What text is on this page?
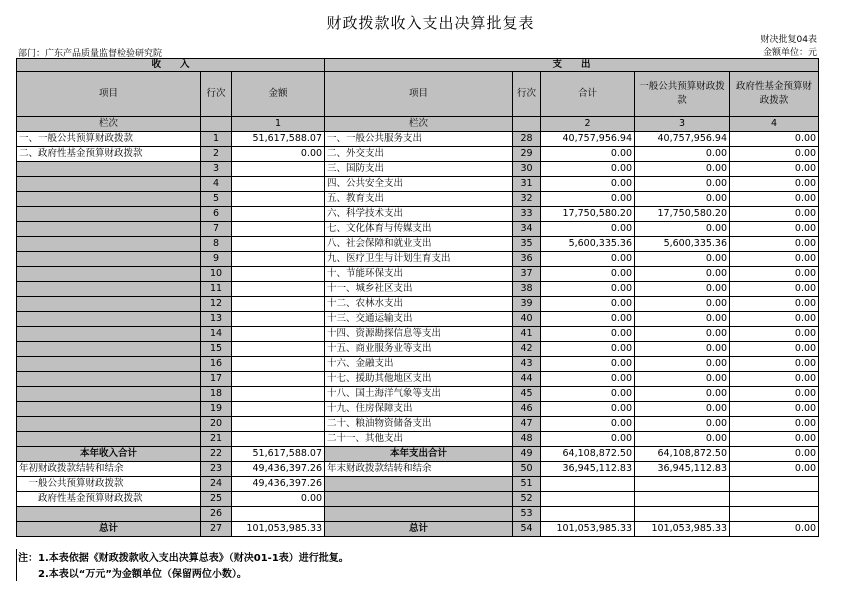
财政拨款收入支出决算批复表
财决批复04表
金额单位：元
部门：广东产品质量监督检验研究院
收　　入			支　　出				
项目	行次	金额	项目	行次	合计	一般公共预算财政拨款	政府性基金预算财政拨款
栏次		1	栏次		2	3	4
一、一般公共预算财政拨款	1	51,617,588.07	一、一般公共服务支出	28	40,757,956.94	40,757,956.94	0.00
二、政府性基金预算财政拨款	2	0.00	二、外交支出	29	0.00	0.00	0.00
	3		三、国防支出	30	0.00	0.00	0.00
	4		四、公共安全支出	31	0.00	0.00	0.00
	5		五、教育支出	32	0.00	0.00	0.00
	6		六、科学技术支出	33	17,750,580.20	17,750,580.20	0.00
	7		七、文化体育与传媒支出	34	0.00	0.00	0.00
	8		八、社会保障和就业支出	35	5,600,335.36	5,600,335.36	0.00
	9		九、医疗卫生与计划生育支出	36	0.00	0.00	0.00
	10		十、节能环保支出	37	0.00	0.00	0.00
	11		十一、城乡社区支出	38	0.00	0.00	0.00
	12		十二、农林水支出	39	0.00	0.00	0.00
	13		十三、交通运输支出	40	0.00	0.00	0.00
	14		十四、资源勘探信息等支出	41	0.00	0.00	0.00
	15		十五、商业服务业等支出	42	0.00	0.00	0.00
	16		十六、金融支出	43	0.00	0.00	0.00
	17		十七、援助其他地区支出	44	0.00	0.00	0.00
	18		十八、国土海洋气象等支出	45	0.00	0.00	0.00
	19		十九、住房保障支出	46	0.00	0.00	0.00
	20		二十、粮油物资储备支出	47	0.00	0.00	0.00
	21		二十一、其他支出	48	0.00	0.00	0.00
本年收入合计	22	51,617,588.07	本年支出合计	49	64,108,872.50	64,108,872.50	0.00
年初财政拨款结转和结余	23	49,436,397.26	年末财政拨款结转和结余	50	36,945,112.83	36,945,112.83	0.00
　一般公共预算财政拨款	24	49,436,397.26		51			
　　政府性基金预算财政拨款	25	0.00		52			
	26			53			
总计	27	101,053,985.33	总计	54	101,053,985.33	101,053,985.33	0.00
注：1.本表依据《财政拨款收入支出决算总表》（财决01-1表）进行批复。
　　2.本表以“万元”为金额单位（保留两位小数）。
